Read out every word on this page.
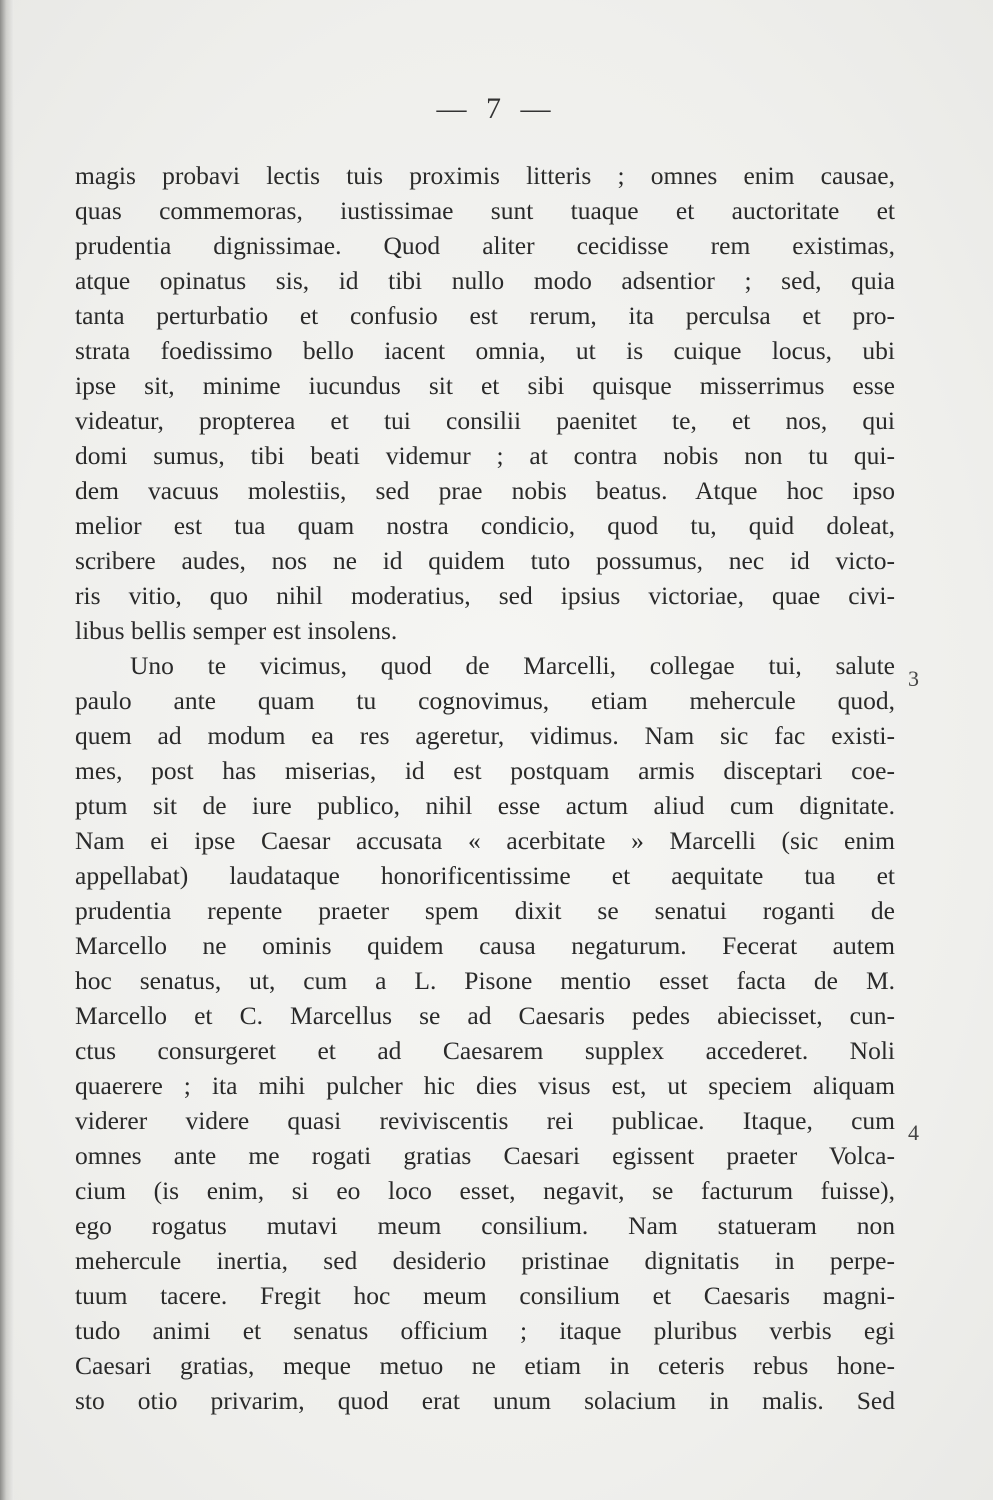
— 7 —
magis probavi lectis tuis proximis litteris ; omnes enim causae,
quas commemoras, iustissimae sunt tuaque et auctoritate et
prudentia dignissimae. Quod aliter cecidisse rem existimas,
atque opinatus sis, id tibi nullo modo adsentior ; sed, quia
tanta perturbatio et confusio est rerum, ita perculsa et pro-
strata foedissimo bello iacent omnia, ut is cuique locus, ubi
ipse sit, minime iucundus sit et sibi quisque misserrimus esse
videatur, propterea et tui consilii paenitet te, et nos, qui
domi sumus, tibi beati videmur ; at contra nobis non tu qui-
dem vacuus molestiis, sed prae nobis beatus. Atque hoc ipso
melior est tua quam nostra condicio, quod tu, quid doleat,
scribere audes, nos ne id quidem tuto possumus, nec id victo-
ris vitio, quo nihil moderatius, sed ipsius victoriae, quae civi-
libus bellis semper est insolens.
Uno te vicimus, quod de Marcelli, collegae tui, salute
paulo ante quam tu cognovimus, etiam mehercule quod,
quem ad modum ea res ageretur, vidimus. Nam sic fac existi-
mes, post has miserias, id est postquam armis disceptari coe-
ptum sit de iure publico, nihil esse actum aliud cum dignitate.
Nam ei ipse Caesar accusata « acerbitate » Marcelli (sic enim
appellabat) laudataque honorificentissime et aequitate tua et
prudentia repente praeter spem dixit se senatui roganti de
Marcello ne ominis quidem causa negaturum. Fecerat autem
hoc senatus, ut, cum a L. Pisone mentio esset facta de M.
Marcello et C. Marcellus se ad Caesaris pedes abiecisset, cun-
ctus consurgeret et ad Caesarem supplex accederet. Noli
quaerere ; ita mihi pulcher hic dies visus est, ut speciem aliquam
viderer videre quasi reviviscentis rei publicae. Itaque, cum
omnes ante me rogati gratias Caesari egissent praeter Volca-
cium (is enim, si eo loco esset, negavit, se facturum fuisse),
ego rogatus mutavi meum consilium. Nam statueram non
mehercule inertia, sed desiderio pristinae dignitatis in perpe-
tuum tacere. Fregit hoc meum consilium et Caesaris magni-
tudo animi et senatus officium ; itaque pluribus verbis egi
Caesari gratias, meque metuo ne etiam in ceteris rebus hone-
sto otio privarim, quod erat unum solacium in malis. Sed
3
4
